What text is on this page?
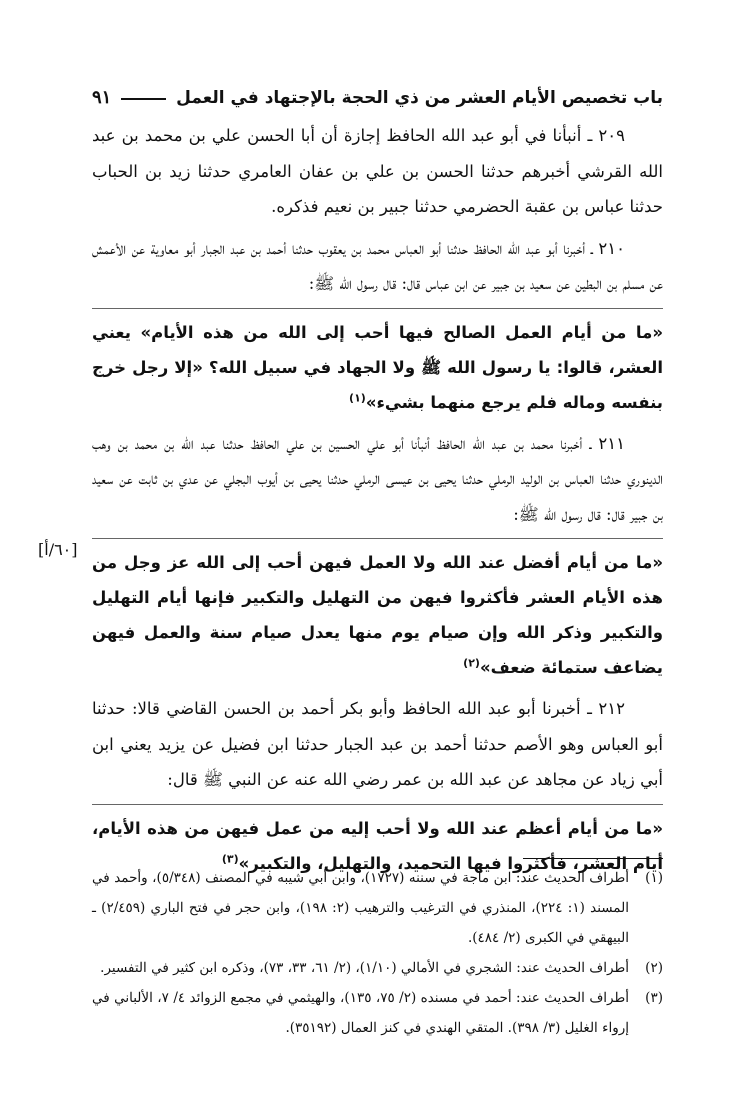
باب تخصيص الأيام العشر من ذي الحجة بالإجتهاد في العمل
٩١

٢٠٩ ـ أنبأنا في أبو عبد الله الحافظ إجازة أن أبا الحسن علي بن محمد بن عبد الله القرشي أخبرهم حدثنا الحسن بن علي بن عفان العامري حدثنا زيد بن الحباب حدثنا عباس بن عقبة الحضرمي حدثنا جبير بن نعيم فذكره.

٢١٠ ـ أخبرنا أبو عبد الله الحافظ حدثنا أبو العباس محمد بن يعقوب حدثنا أحمد بن عبد الجبار أبو معاوية عن الأعمش عن مسلم بن البطين عن سعيد بن جبير عن ابن عباس قال: قال رسول الله ﷺ:

«ما من أيام العمل الصالح فيها أحب إلى الله من هذه الأيام» يعني العشر، قالوا: يا رسول الله ﷺ ولا الجهاد في سبيل الله؟ «إلا رجل خرج بنفسه وماله فلم يرجع منهما بشيء»$^{(١)}$

[٦٠/أ]

٢١١ ـ أخبرنا محمد بن عبد الله الحافظ أنبأنا أبو علي الحسين بن علي الحافظ حدثنا عبد الله بن محمد بن وهب الدينوري حدثنا العباس بن الوليد الرملي حدثنا يحيى بن عيسى الرملي حدثنا يحيى بن أيوب البجلي عن عدي بن ثابت عن سعيد بن جبير قال: قال رسول الله ﷺ:

«ما من أيام أفضل عند الله ولا العمل فيهن أحب إلى الله عز وجل من هذه الأيام العشر فأكثروا فيهن من التهليل والتكبير فإنها أيام التهليل والتكبير وذكر الله وإن صيام يوم منها يعدل صيام سنة والعمل فيهن يضاعف ستمائة ضعف»$^{(٢)}$

٢١٢ ـ أخبرنا أبو عبد الله الحافظ وأبو بكر أحمد بن الحسن القاضي قالا: حدثنا أبو العباس وهو الأصم حدثنا أحمد بن عبد الجبار حدثنا ابن فضيل عن يزيد يعني ابن أبي زياد عن مجاهد عن عبد الله بن عمر رضي الله عنه عن النبي ﷺ قال:

«ما من أيام أعظم عند الله ولا أحب إليه من عمل فيهن من هذه الأيام، أيام العشر، فأكثروا فيها التحميد، والتهليل، والتكبير»$^{(٣)}$

(١)
أطراف الحديث عند: ابن ماجة في سننه (١٧٢٧)، وابن أبي شيبه في المصنف (٥/٣٤٨)، وأحمد في المسند (١: ٢٢٤)، المنذري في الترغيب والترهيب (٢: ١٩٨)، وابن حجر في فتح الباري (٢/٤٥٩) ـ البيهقي في الكبرى (٢/ ٤٨٤).
(٢)
أطراف الحديث عند: الشجري في الأمالي (١/١٠)، (٢/ ٦١، ٣٣، ٧٣)، وذكره ابن كثير في التفسير.
(٣)
أطراف الحديث عند: أحمد في مسنده (٢/ ٧٥، ١٣٥)، والهيثمي في مجمع الزوائد ٤/ ٧، الألباني في إرواء الغليل (٣/ ٣٩٨). المتقي الهندي في كنز العمال (٣٥١٩٢).
